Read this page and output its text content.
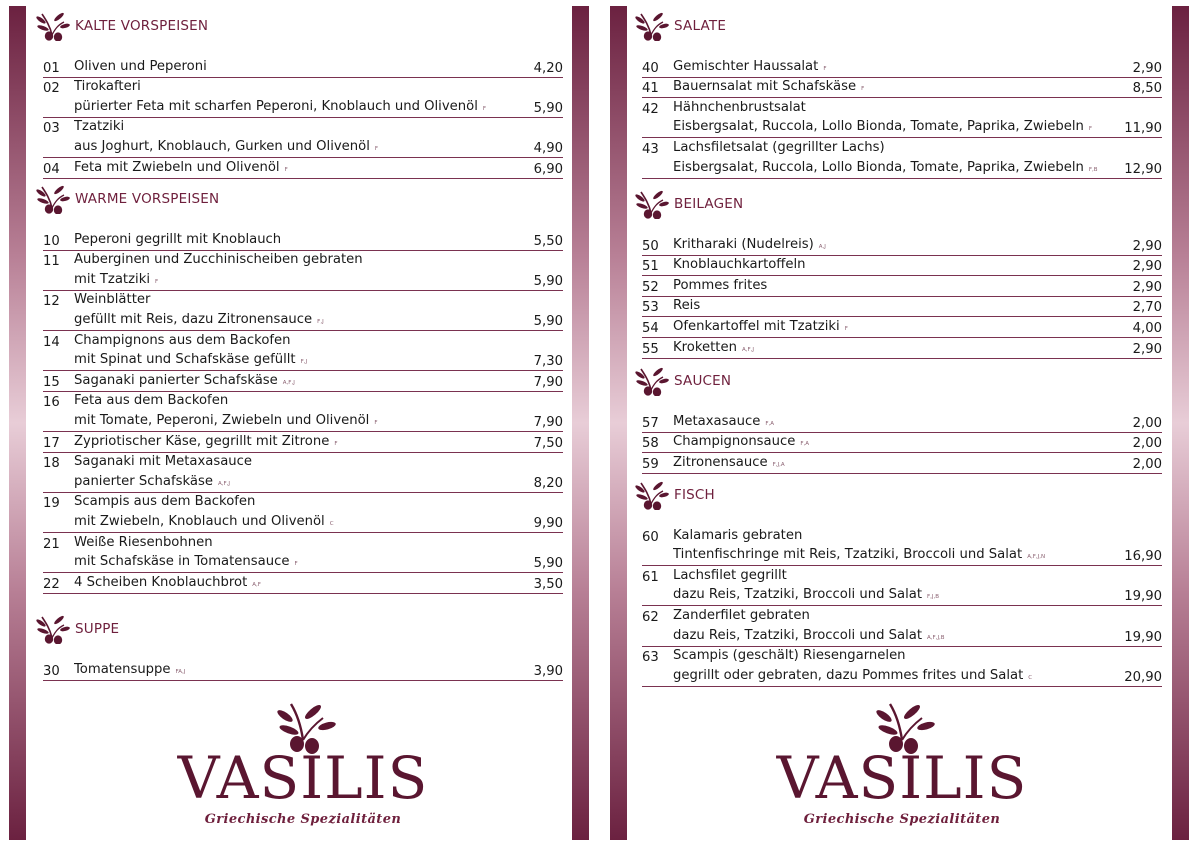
KALTE VORSPEISEN
01	Oliven und Peperoni	4,20
02	Tirokafteri
pürierter Feta mit scharfen Peperoni, Knoblauch und Olivenöl F	5,90
03	Tzatziki
aus Joghurt, Knoblauch, Gurken und Olivenöl F	4,90
04	Feta mit Zwiebeln und Olivenöl F	6,90
WARME VORSPEISEN
10	Peperoni gegrillt mit Knoblauch	5,50
11	Auberginen und Zucchinischeiben gebraten
mit Tzatziki F	5,90
12	Weinblätter
gefüllt mit Reis, dazu Zitronensauce F,J	5,90
14	Champignons aus dem Backofen
mit Spinat und Schafskäse gefüllt F,J	7,30
15	Saganaki panierter Schafskäse A,F,J	7,90
16	Feta aus dem Backofen
mit Tomate, Peperoni, Zwiebeln und Olivenöl F	7,90
17	Zypriotischer Käse, gegrillt mit Zitrone F	7,50
18	Saganaki mit Metaxasauce
panierter Schafskäse A,F,J	8,20
19	Scampis aus dem Backofen
mit Zwiebeln, Knoblauch und Olivenöl C	9,90
21	Weiße Riesenbohnen
mit Schafskäse in Tomatensauce F	5,90
22	4 Scheiben Knoblauchbrot A,F	3,50
SUPPE
30	Tomatensuppe FA,J	3,90
VASILIS
Griechische Spezialitäten
SALATE
40	Gemischter Haussalat F	2,90
41	Bauernsalat mit Schafskäse F	8,50
42	Hähnchenbrustsalat
Eisbergsalat, Ruccola, Lollo Bionda, Tomate, Paprika, Zwiebeln F	11,90
43	Lachsfiletsalat (gegrillter Lachs)
Eisbergsalat, Ruccola, Lollo Bionda, Tomate, Paprika, Zwiebeln F,B	12,90
BEILAGEN
50	Kritharaki (Nudelreis) A,J	2,90
51	Knoblauchkartoffeln	2,90
52	Pommes frites	2,90
53	Reis	2,70
54	Ofenkartoffel mit Tzatziki F	4,00
55	Kroketten A,F,J	2,90
SAUCEN
57	Metaxasauce F,A	2,00
58	Champignonsauce F,A	2,00
59	Zitronensauce F,J,A	2,00
FISCH
60	Kalamaris gebraten
Tintenfischringe mit Reis, Tzatziki, Broccoli und Salat A,F,J,N	16,90
61	Lachsfilet gegrillt
dazu Reis, Tzatziki, Broccoli und Salat F,J,B	19,90
62	Zanderfilet gebraten
dazu Reis, Tzatziki, Broccoli und Salat A,F,J,B	19,90
63	Scampis (geschält) Riesengarnelen
gegrillt oder gebraten, dazu Pommes frites und Salat C	20,90
VASILIS
Griechische Spezialitäten
